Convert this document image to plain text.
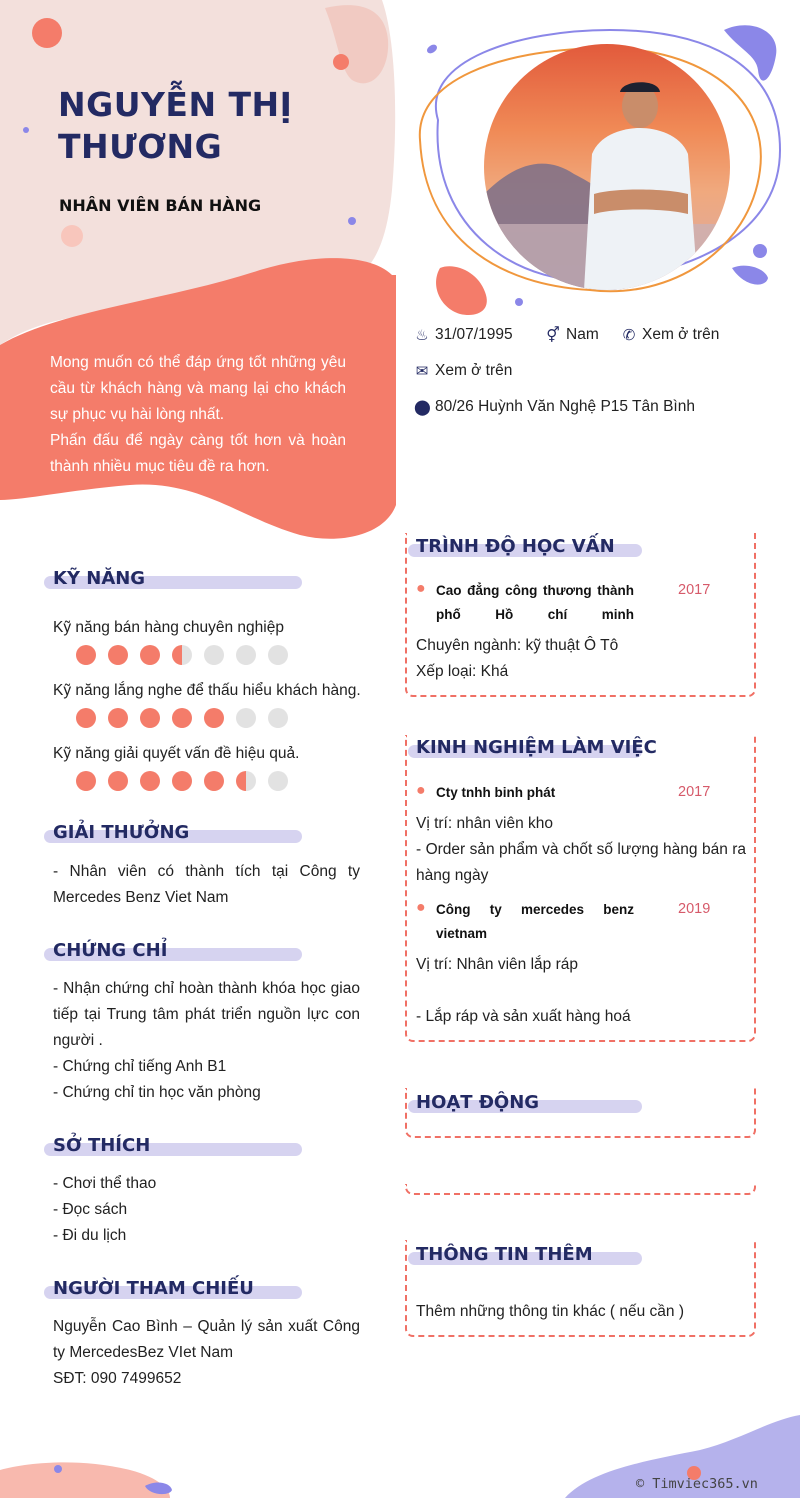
NGUYỄN THỊ THƯƠNG
NHÂN VIÊN BÁN HÀNG

Mong muốn có thể đáp ứng tốt những yêu cầu từ khách hàng và mang lại cho khách sự phục vụ hài lòng nhất.

Phấn đấu để ngày càng tốt hơn và hoàn thành nhiều mục tiêu đề ra hơn.

♨ 31/07/1995 ⚥ Nam ✆ Xem ở trên
✉ Xem ở trên
⬤ 80/26 Huỳnh Văn Nghệ P15 Tân Bình
KỸ NĂNG
Kỹ năng bán hàng chuyên nghiệp
Kỹ năng lắng nghe để thấu hiểu khách hàng.
Kỹ năng giải quyết vấn đề hiệu quả.
GIẢI THƯỞNG
- Nhân viên có thành tích tại Công ty Mercedes Benz Viet Nam
CHỨNG CHỈ
- Nhận chứng chỉ hoàn thành khóa học giao tiếp tại Trung tâm phát triển nguồn lực con người .
- Chứng chỉ tiếng Anh B1
- Chứng chỉ tin học văn phòng
SỞ THÍCH
- Chơi thể thao
- Đọc sách
- Đi du lịch
NGƯỜI THAM CHIẾU
Nguyễn Cao Bình – Quản lý sản xuất Công ty MercedesBez VIet Nam
SĐT: 090 7499652
TRÌNH ĐỘ HỌC VẤN
● Cao đẳng công thương thành phố Hồ chí minh
2017
Chuyên ngành: kỹ thuật Ô Tô
Xếp loại: Khá
KINH NGHIỆM LÀM VIỆC
● Cty tnhh binh phát	2017
Vị trí: nhân viên kho
- Order sản phẩm và chốt số lượng hàng bán ra hàng ngày
● Công ty mercedes benz vietnam
2019
Vị trí: Nhân viên lắp ráp
- Lắp ráp và sản xuất hàng hoá
HOẠT ĐỘNG
THÔNG TIN THÊM
Thêm những thông tin khác ( nếu cần )
© Timviec365.vn
